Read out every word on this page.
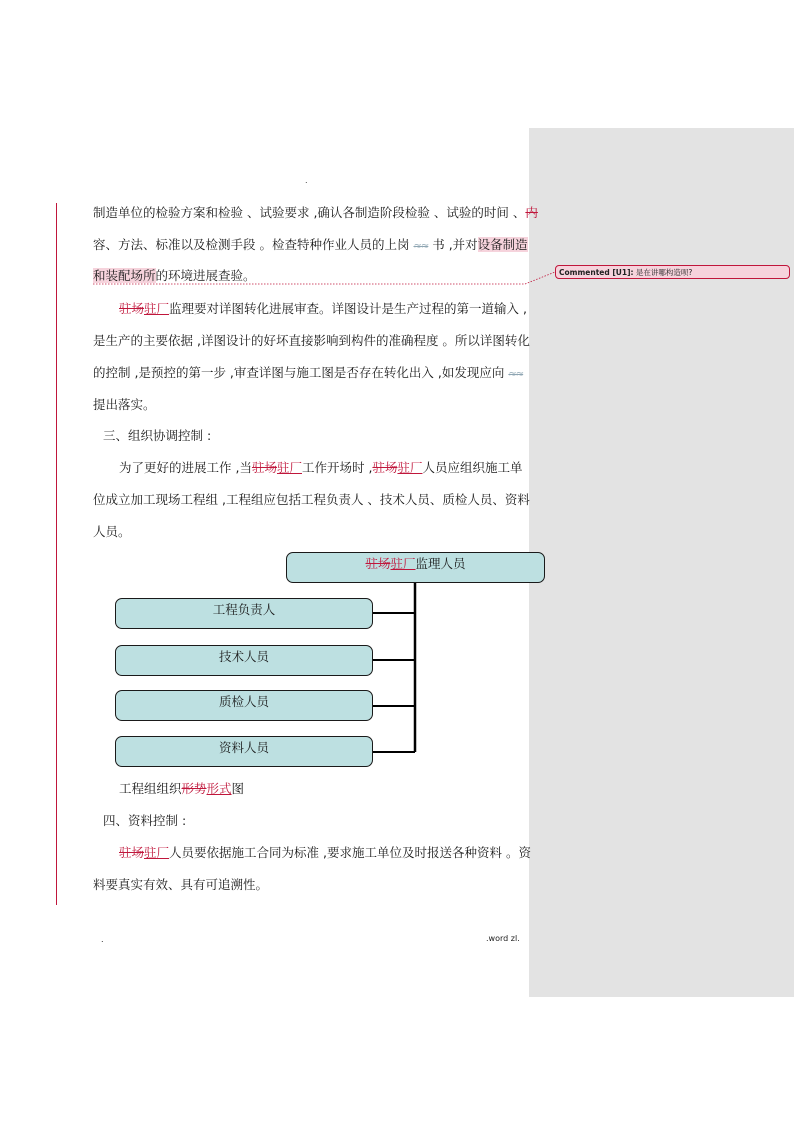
.
制造单位的检验方案和检验 、试验要求 ,确认各制造阶段检验 、试验的时间 、内
容、方法、标准以及检测手段 。检查特种作业人员的上岗 ≈≈ 书 ,并对设备制造
和装配场所的环境进展查验。	Commented [U1]: 是在讲哪构造呗?
驻场驻厂监理要对详图转化进展审查。详图设计是生产过程的第一道输入 ,
是生产的主要依据 ,详图设计的好坏直接影响到构件的准确程度 。所以详图转化
的控制 ,是预控的第一步 ,审查详图与施工图是否存在转化出入 ,如发现应向 ≈≈
提出落实。
三、组织协调控制 :
为了更好的进展工作 ,当驻场驻厂工作开场时 ,驻场驻厂人员应组织施工单
位成立加工现场工程组 ,工程组应包括工程负责人 、技术人员、质检人员、资料
人员。
驻场驻厂监理人员
工程负责人
技术人员
质检人员
资料人员
工程组组织形势形式图
四、资料控制 :
驻场驻厂人员要依据施工合同为标准 ,要求施工单位及时报送各种资料 。资
料要真实有效、具有可追溯性。
.	.word zl.
